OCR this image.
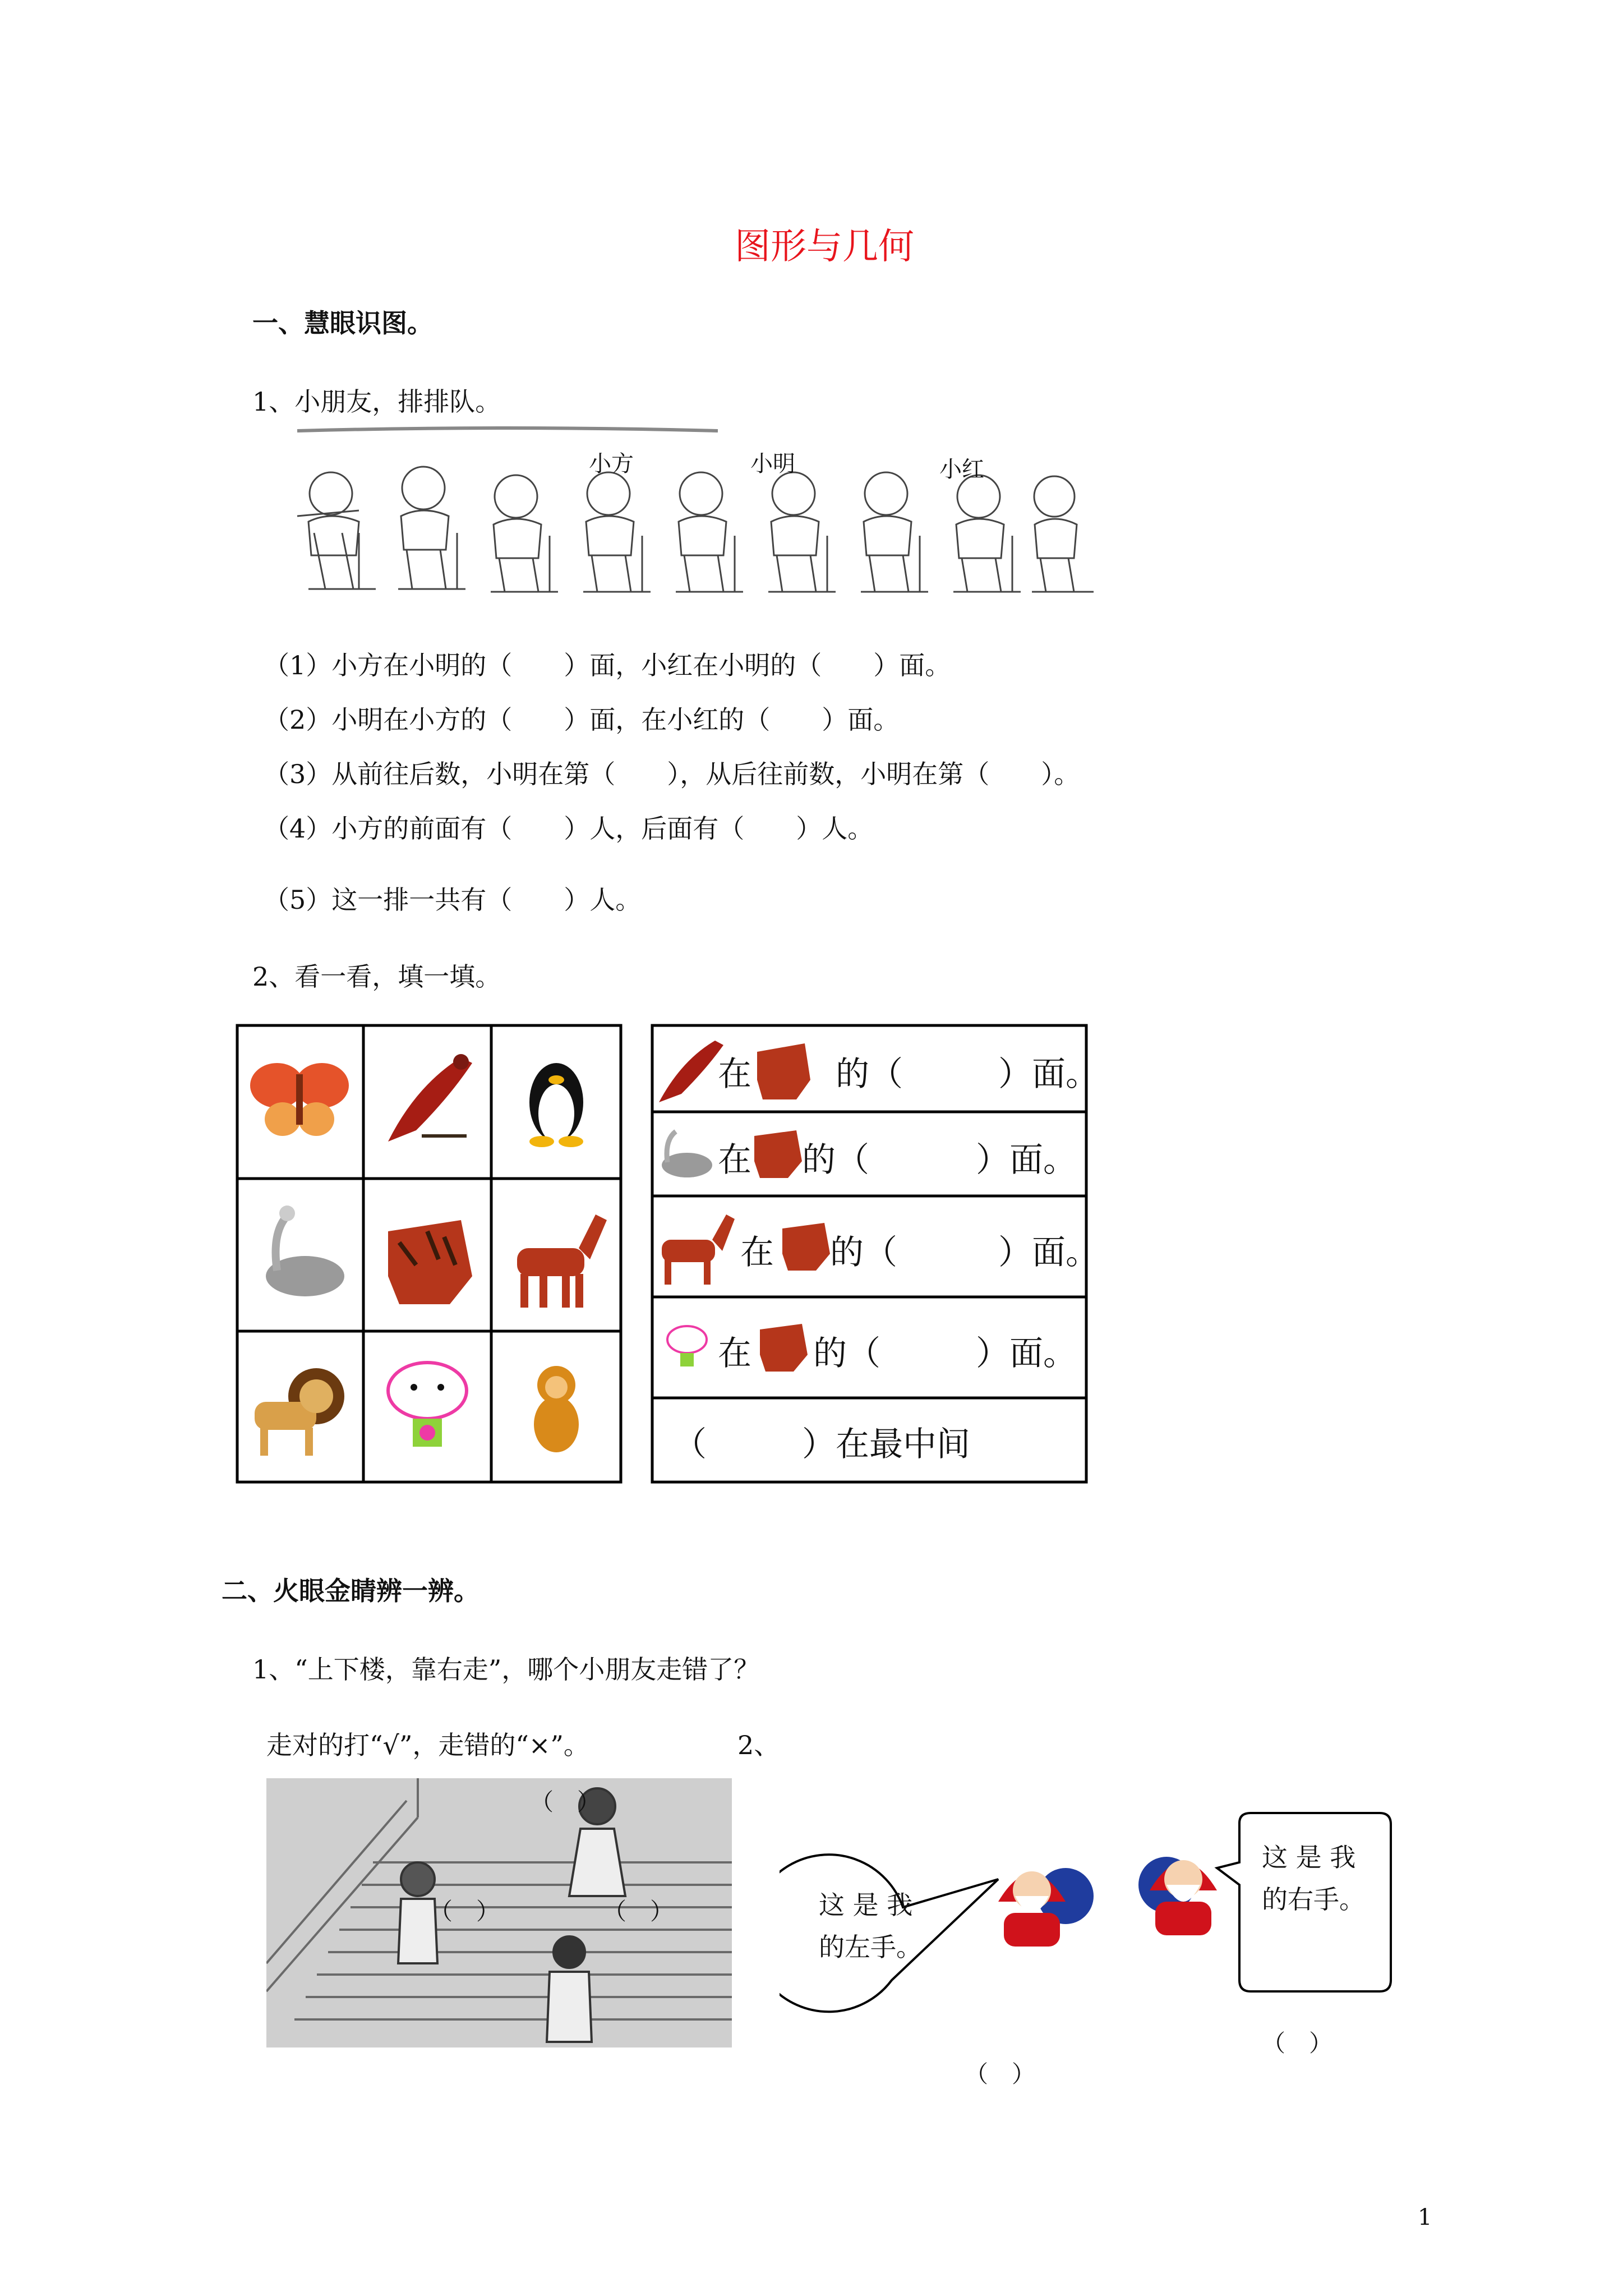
图形与几何
一、慧眼识图。
1、小朋友，排排队。
小方	小明	小红
（1）小方在小明的（　　）面，小红在小明的（　　）面。
（2）小明在小方的（　　）面，在小红的（　　）面。
（3）从前往后数，小明在第（　　），从后往前数，小明在第（　　）。
（4）小方的前面有（　　）人，后面有（　　）人。
（5）这一排一共有（　　）人。
2、看一看，填一填。
在	的（	）面。
在 的（	）面。
在 的（	）面。
在 的（	）面。
（	）在最中间
二、火眼金睛辨一辨。
1、“上下楼，靠右走”，哪个小朋友走错了？
走对的打“√”，走错的“×”。	2、
（　）
（　）	（　）	这 是 我
的左手。
（　）
这 是 我
的右手。
（　）
1
